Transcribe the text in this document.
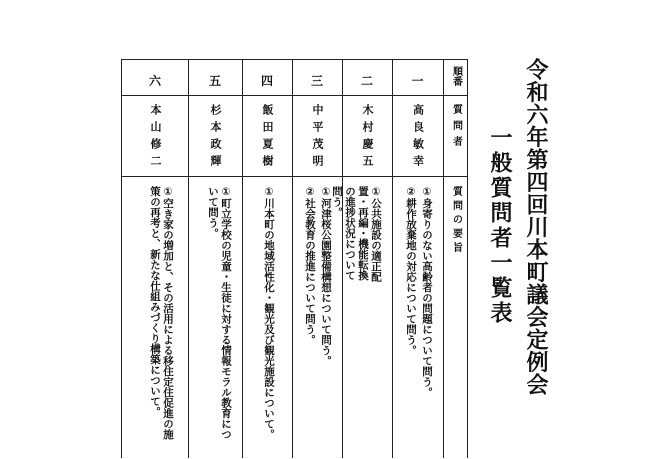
令和六年第四回川本町議会定例会
一般質問者一覧表
順番
質問者
質問の要旨
一
高良敏幸

①身寄りのない高齢者の問題について問う。

②耕作放棄地の対応について問う。

二
木村慶五

①公共施設の適正配置・再編・機能転換の進捗状況について問う。

三
中平茂明

①河津桜公園整備構想について問う。

②社会教育の推進について問う。

四
飯田夏樹

①川本町の地域活性化・観光及び観光施設について。

五
杉本政輝

①町立学校の児童・生徒に対する情報モラル教育について問う。

六
本山修二

①空き家の増加と、その活用による移住定住促進の施策の再考と、新たな仕組みづくり構築について。
